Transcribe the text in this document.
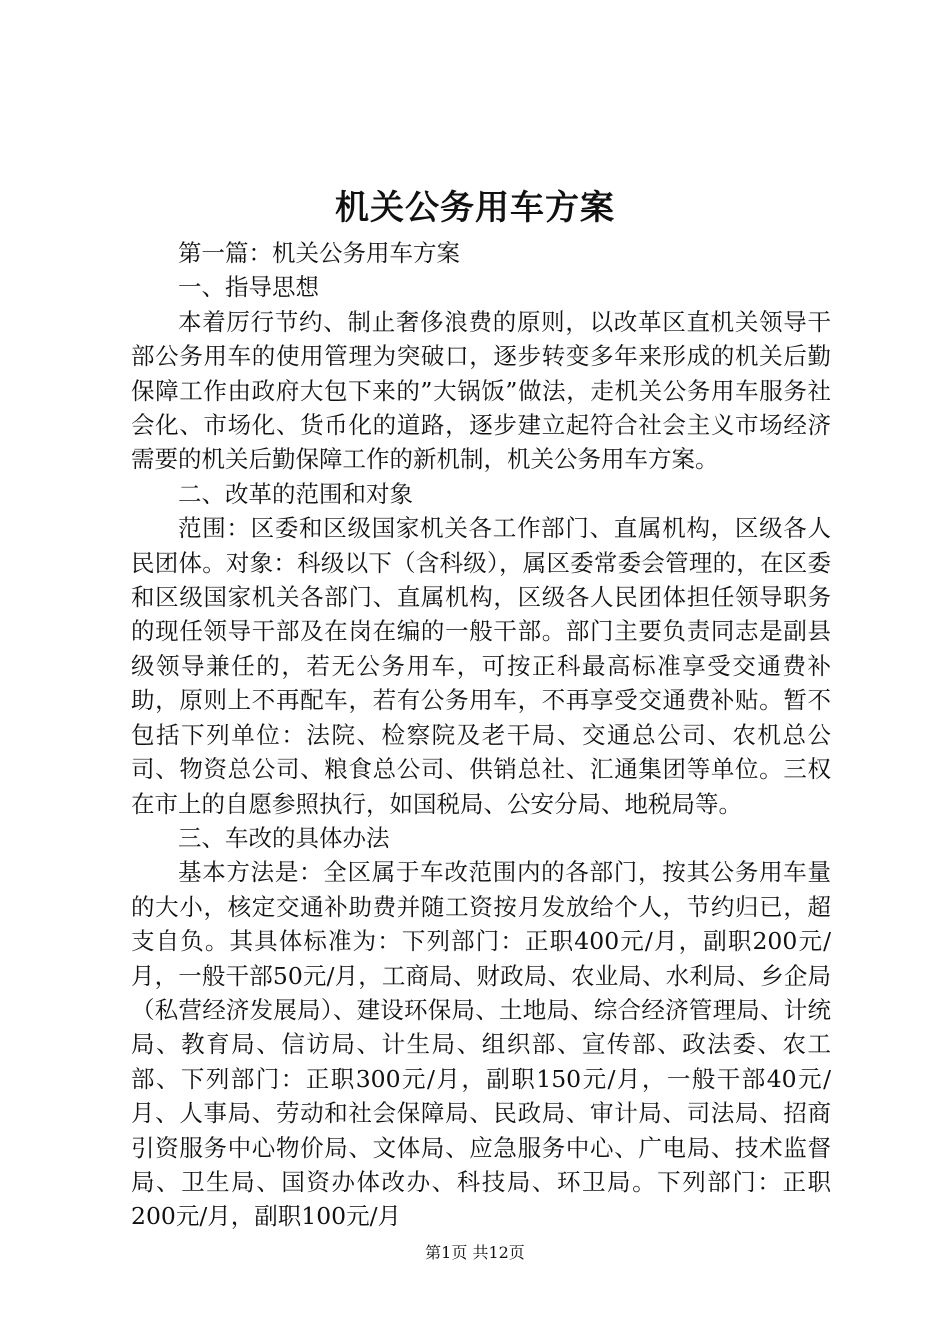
机关公务用车方案

第一篇：机关公务用车方案

一、指导思想

本着厉行节约、制止奢侈浪费的原则，以改革区直机关领导干部公务用车的使用管理为突破口，逐步转变多年来形成的机关后勤保障工作由政府大包下来的”大锅饭”做法，走机关公务用车服务社会化、市场化、货币化的道路，逐步建立起符合社会主义市场经济需要的机关后勤保障工作的新机制，机关公务用车方案。

二、改革的范围和对象

范围：区委和区级国家机关各工作部门、直属机构，区级各人民团体。对象：科级以下（含科级），属区委常委会管理的，在区委和区级国家机关各部门、直属机构，区级各人民团体担任领导职务的现任领导干部及在岗在编的一般干部。部门主要负责同志是副县级领导兼任的，若无公务用车，可按正科最高标准享受交通费补助，原则上不再配车，若有公务用车，不再享受交通费补贴。暂不包括下列单位：法院、检察院及老干局、交通总公司、农机总公司、物资总公司、粮食总公司、供销总社、汇通集团等单位。三权在市上的自愿参照执行，如国税局、公安分局、地税局等。

三、车改的具体办法

基本方法是：全区属于车改范围内的各部门，按其公务用车量的大小，核定交通补助费并随工资按月发放给个人，节约归已，超支自负。其具体标准为：下列部门：正职400元/月，副职200元/月，一般干部50元/月，工商局、财政局、农业局、水利局、乡企局（私营经济发展局）、建设环保局、土地局、综合经济管理局、计统局、教育局、信访局、计生局、组织部、宣传部、政法委、农工部、下列部门：正职300元/月，副职150元/月，一般干部40元/月、人事局、劳动和社会保障局、民政局、审计局、司法局、招商引资服务中心物价局、文体局、应急服务中心、广电局、技术监督局、卫生局、国资办体改办、科技局、环卫局。下列部门：正职200元/月，副职100元/月

第1页 共12页
